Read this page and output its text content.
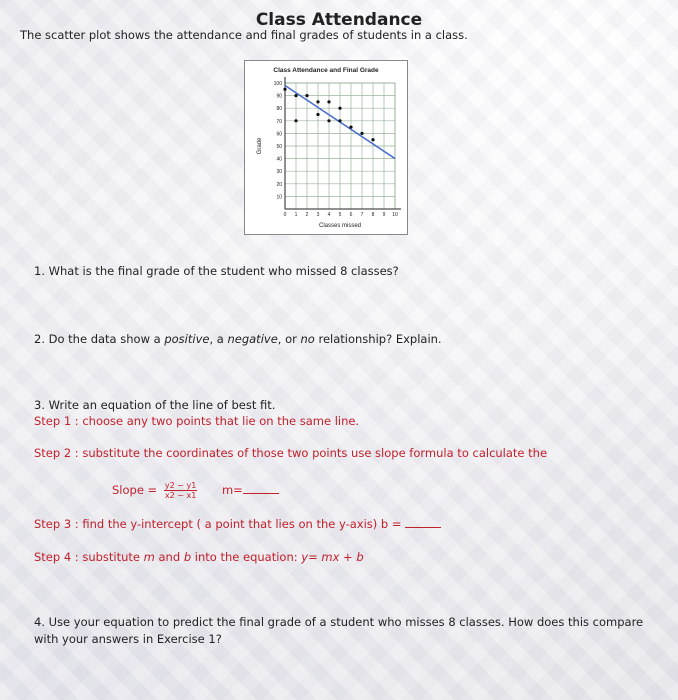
Class Attendance

The scatter plot shows the attendance and final grades of students in a class.

Class Attendance and Final Grade
10
20
30
40
50
60
70
80
90
100
0 1 2 3 4 5 6 7 8 9 10
Classes missed
Grade

1. What is the final grade of the student who missed 8 classes?

2. Do the data show a positive, a negative, or no relationship? Explain.

3. Write an equation of the line of best fit.

Step 1 : choose any two points that lie on the same line.

Step 2 : substitute the coordinates of those two points use slope formula to calculate the

Slope = $\frac{y2 - y1}{x2 - x1} m=$

Step 3 : find the y-intercept ( a point that lies on the y-axis) b =

Step 4 : substitute m and b into the equation: y= mx + b

4. Use your equation to predict the final grade of a student who misses 8 classes. How does this compare

with your answers in Exercise 1?
